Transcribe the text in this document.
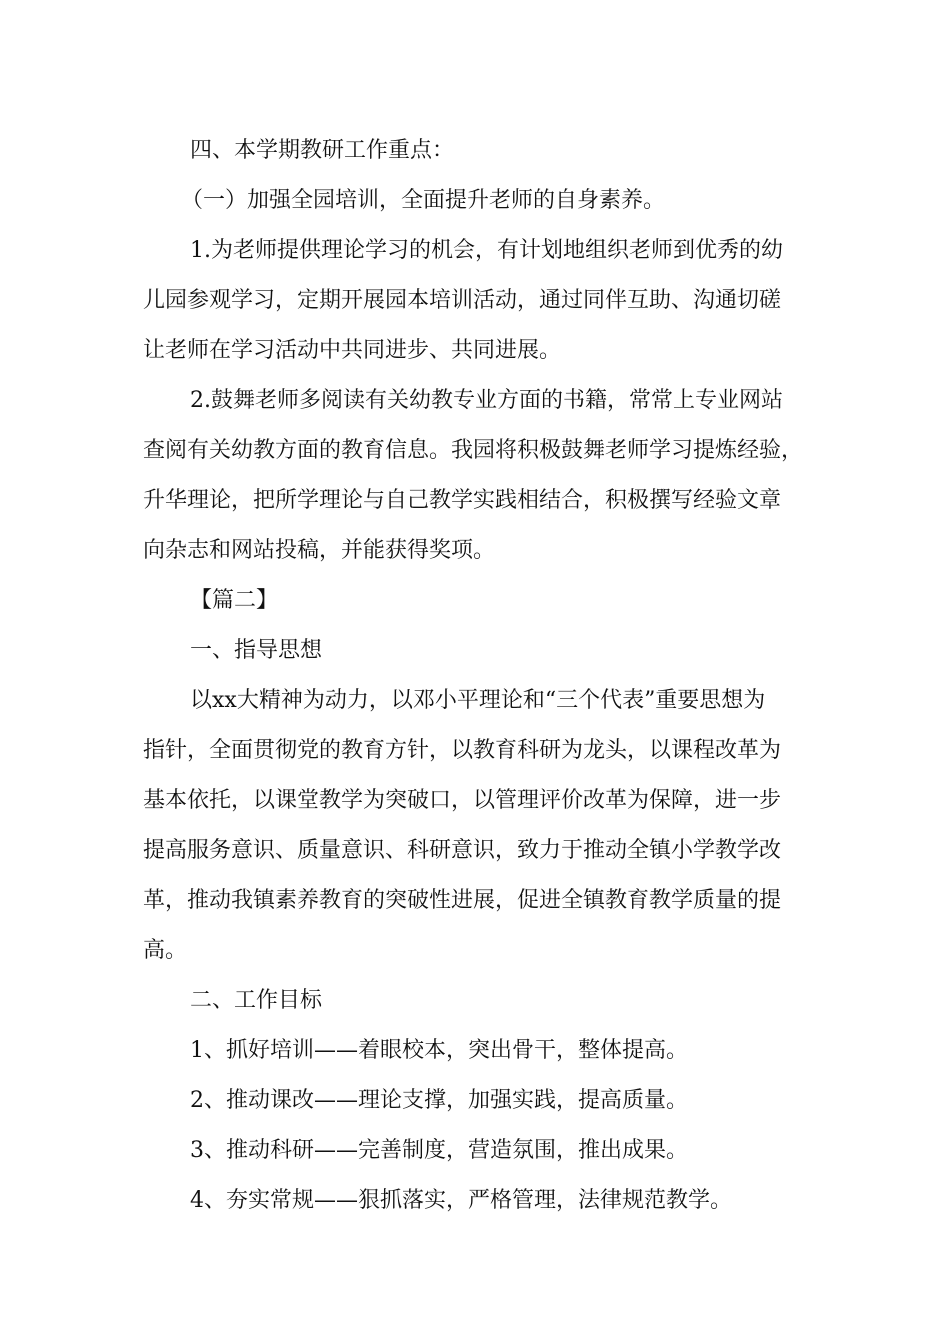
四、本学期教研工作重点：

（一）加强全园培训，全面提升老师的自身素养。

1.为老师提供理论学习的机会，有计划地组织老师到优秀的幼
儿园参观学习，定期开展园本培训活动，通过同伴互助、沟通切磋
让老师在学习活动中共同进步、共同进展。
2.鼓舞老师多阅读有关幼教专业方面的书籍，常常上专业网站
查阅有关幼教方面的教育信息。我园将积极鼓舞老师学习提炼经验，
升华理论，把所学理论与自己教学实践相结合，积极撰写经验文章
向杂志和网站投稿，并能获得奖项。

【篇二】

一、指导思想

以xx大精神为动力，以邓小平理论和“三个代表”重要思想为
指针，全面贯彻党的教育方针，以教育科研为龙头，以课程改革为
基本依托，以课堂教学为突破口，以管理评价改革为保障，进一步
提高服务意识、质量意识、科研意识，致力于推动全镇小学教学改
革，推动我镇素养教育的突破性进展，促进全镇教育教学质量的提
高。

二、工作目标

1、抓好培训——着眼校本，突出骨干，整体提高。
2、推动课改——理论支撑，加强实践，提高质量。
3、推动科研——完善制度，营造氛围，推出成果。
4、夯实常规——狠抓落实，严格管理，法律规范教学。
